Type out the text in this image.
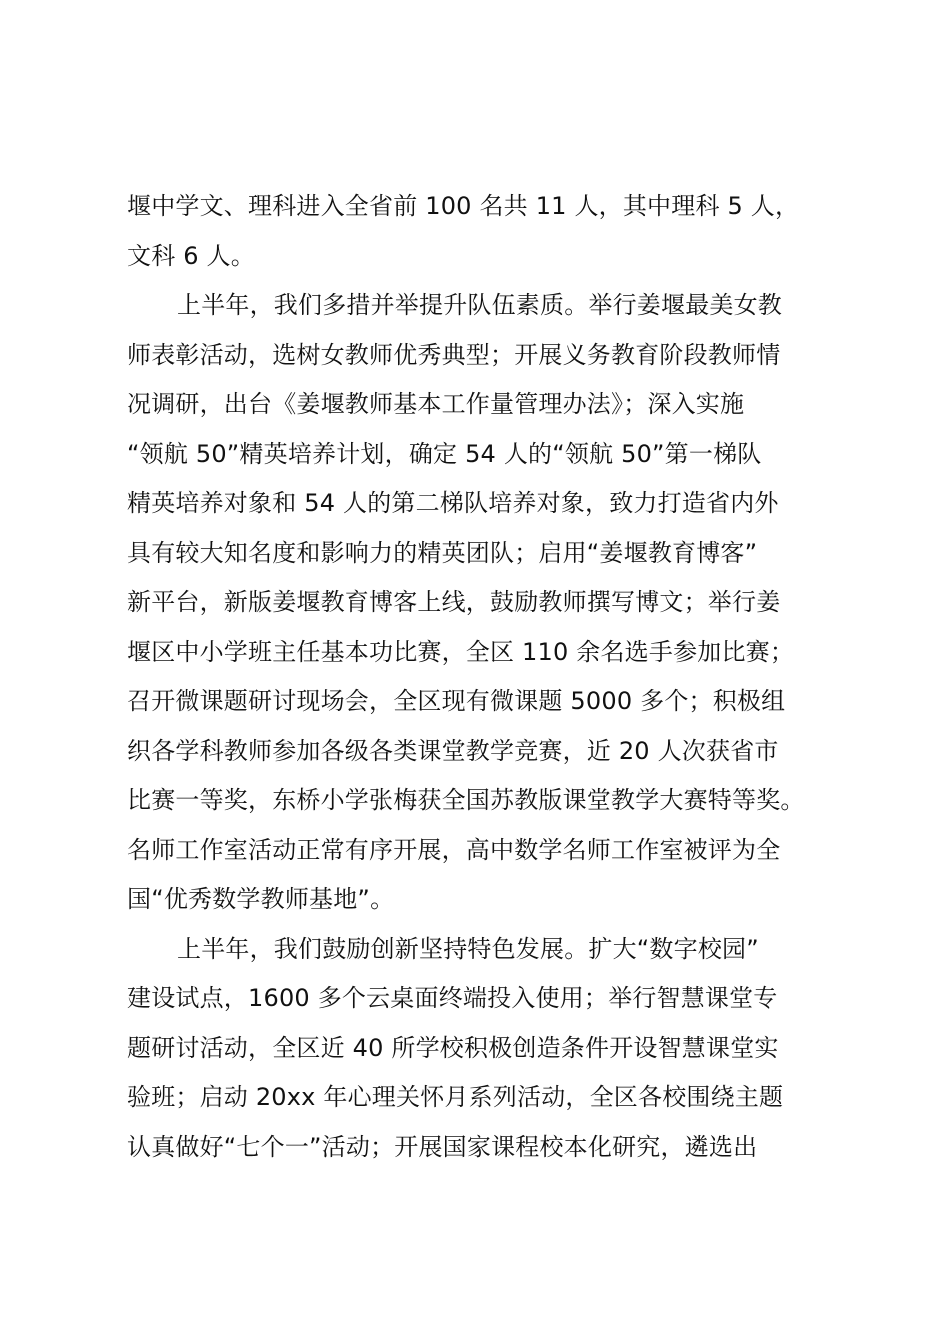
堰中学文、理科进入全省前 100 名共 11 人，其中理科 5 人，
文科 6 人。
上半年，我们多措并举提升队伍素质。举行姜堰最美女教
师表彰活动，选树女教师优秀典型；开展义务教育阶段教师情
况调研，出台《姜堰教师基本工作量管理办法》；深入实施
“领航 50”精英培养计划，确定 54 人的“领航 50”第一梯队
精英培养对象和 54 人的第二梯队培养对象，致力打造省内外
具有较大知名度和影响力的精英团队；启用“姜堰教育博客”
新平台，新版姜堰教育博客上线，鼓励教师撰写博文；举行姜
堰区中小学班主任基本功比赛，全区 110 余名选手参加比赛；
召开微课题研讨现场会，全区现有微课题 5000 多个；积极组
织各学科教师参加各级各类课堂教学竞赛，近 20 人次获省市
比赛一等奖，东桥小学张梅获全国苏教版课堂教学大赛特等奖。
名师工作室活动正常有序开展，高中数学名师工作室被评为全
国“优秀数学教师基地”。
上半年，我们鼓励创新坚持特色发展。扩大“数字校园”
建设试点，1600 多个云桌面终端投入使用；举行智慧课堂专
题研讨活动，全区近 40 所学校积极创造条件开设智慧课堂实
验班；启动 20xx 年心理关怀月系列活动，全区各校围绕主题
认真做好“七个一”活动；开展国家课程校本化研究，遴选出
